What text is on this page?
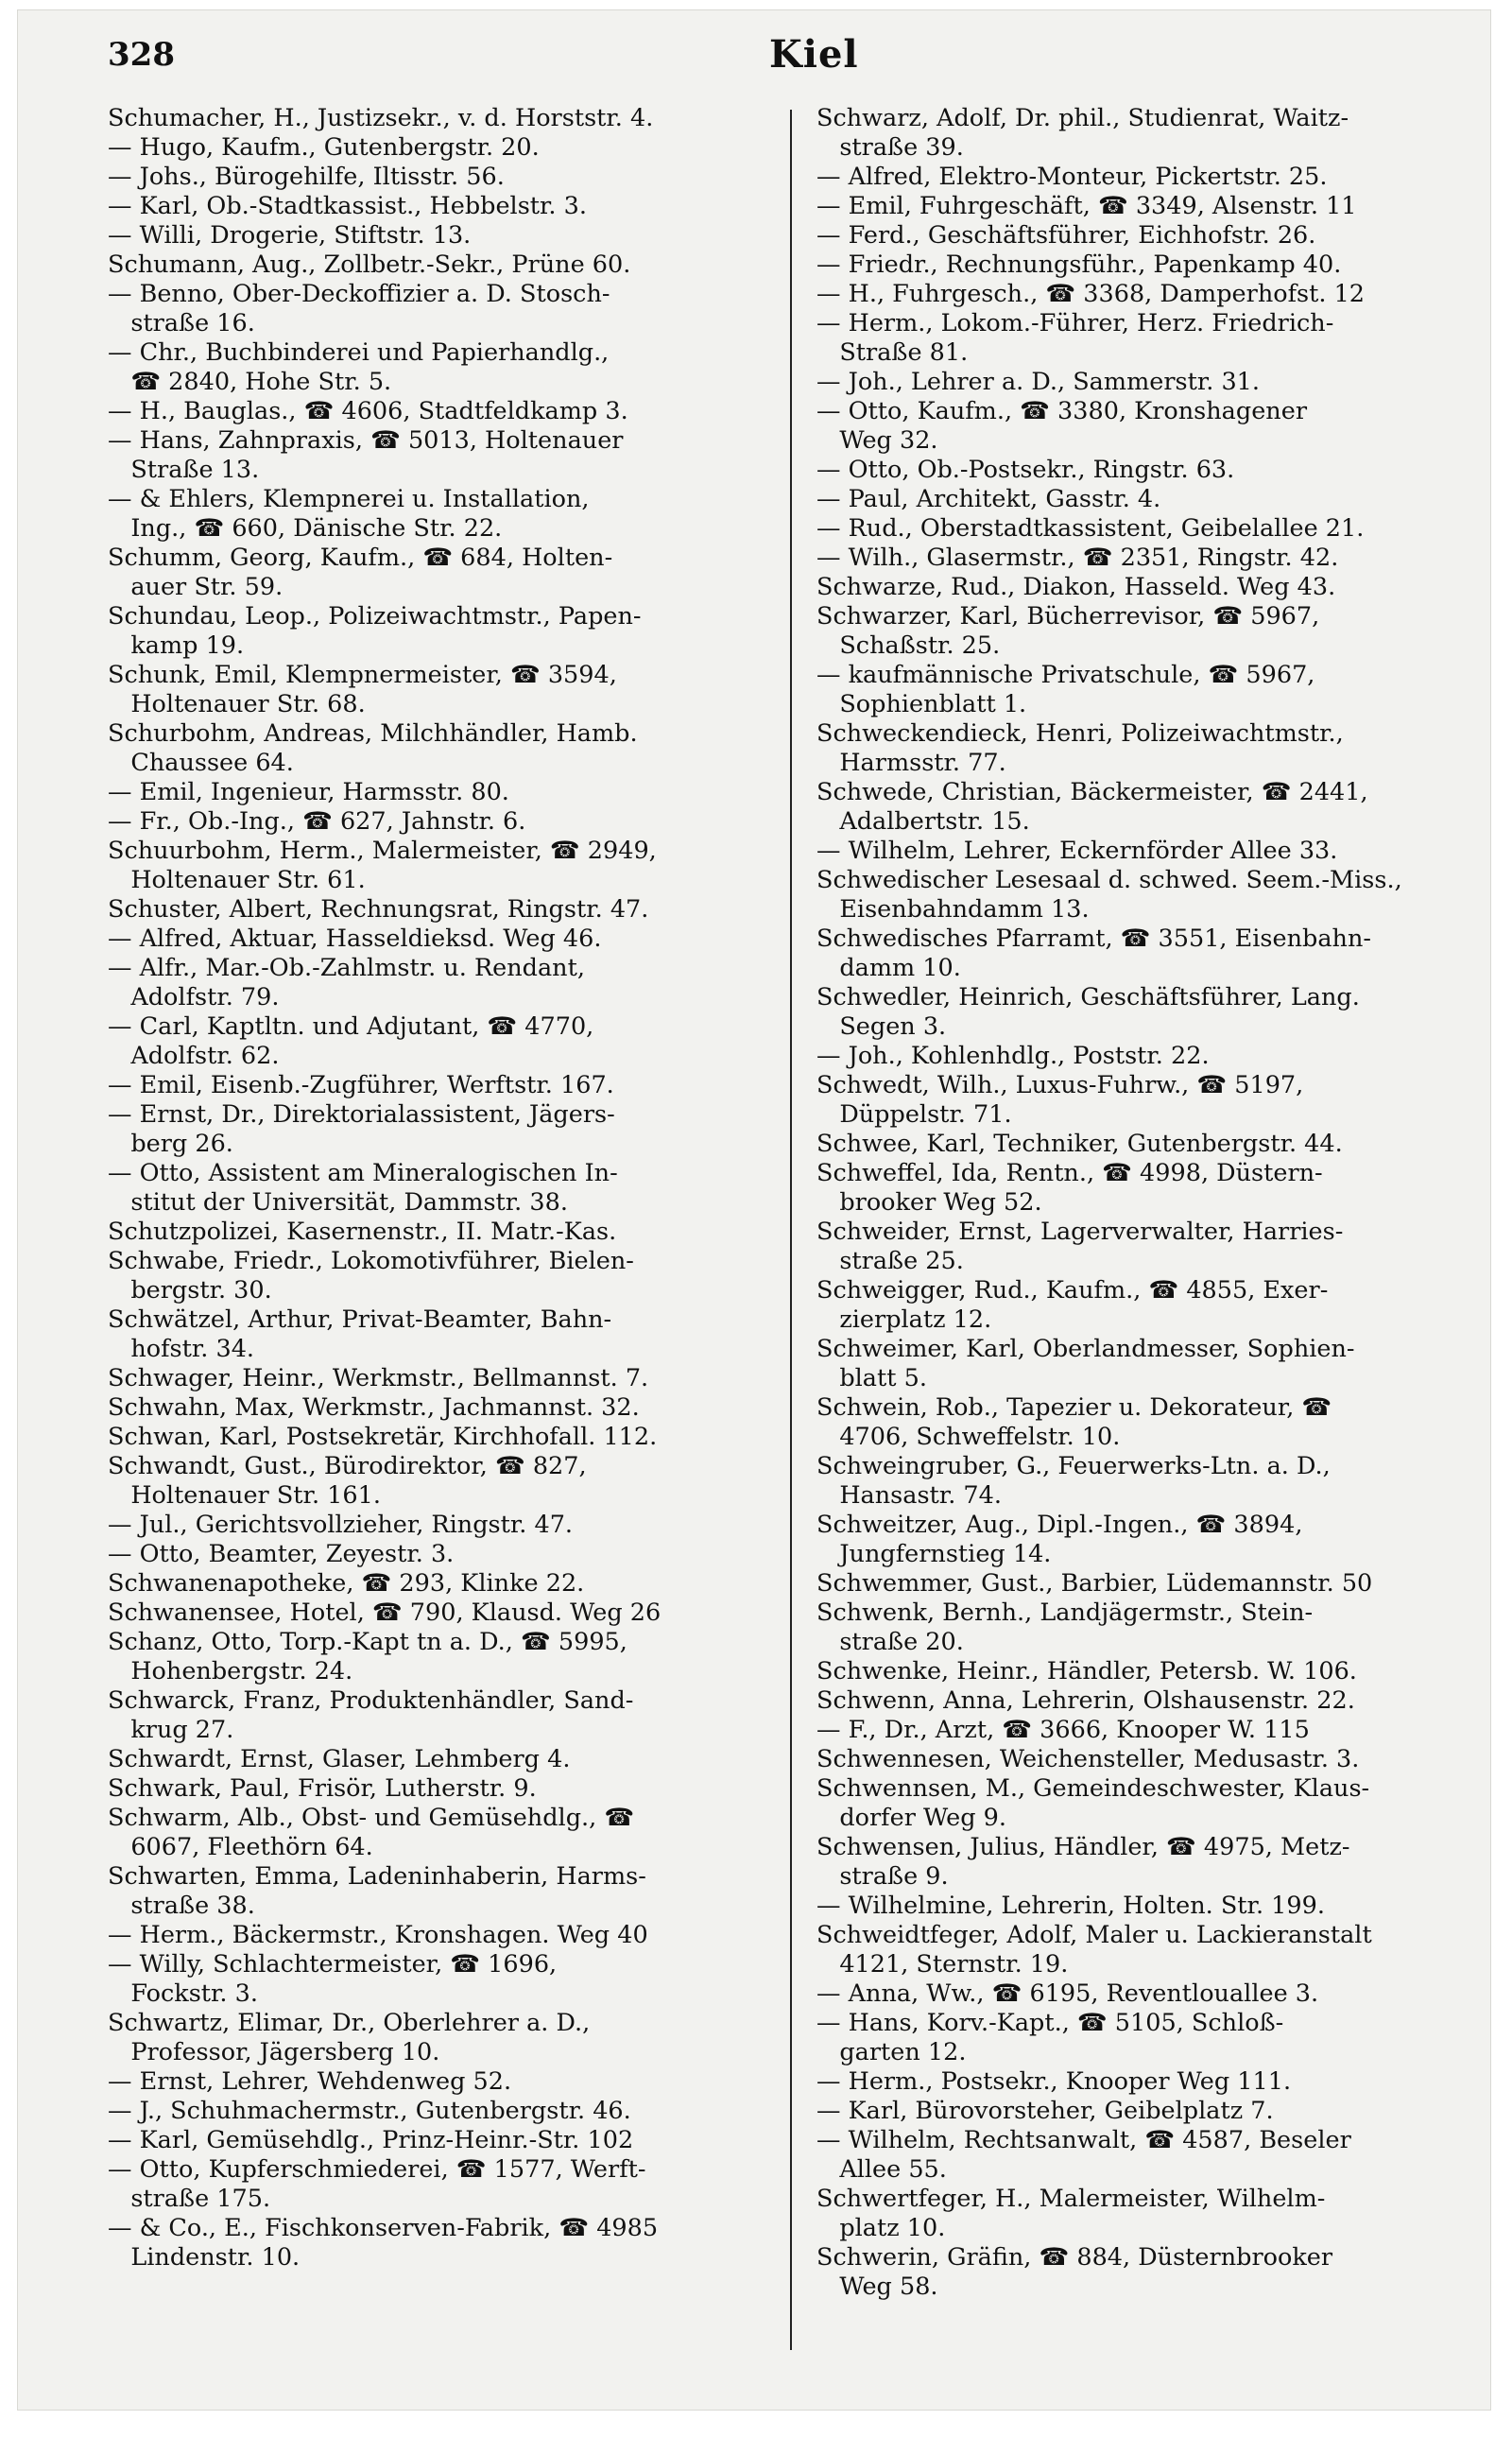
328	Kiel
Schumacher, H., Justizsekr., v. d. Horststr. 4.
— Hugo, Kaufm., Gutenbergstr. 20.
— Johs., Bürogehilfe, Iltisstr. 56.
— Karl, Ob.-Stadtkassist., Hebbelstr. 3.
— Willi, Drogerie, Stiftstr. 13.
Schumann, Aug., Zollbetr.-Sekr., Prüne 60.
— Benno, Ober-Deckoffizier a. D. Stosch-
straße 16.
— Chr., Buchbinderei und Papierhandlg.,
☎ 2840, Hohe Str. 5.
— H., Bauglas., ☎ 4606, Stadtfeldkamp 3.
— Hans, Zahnpraxis, ☎ 5013, Holtenauer
Straße 13.
— & Ehlers, Klempnerei u. Installation,
Ing., ☎ 660, Dänische Str. 22.
Schumm, Georg, Kaufm., ☎ 684, Holten-
auer Str. 59.
Schundau, Leop., Polizeiwachtmstr., Papen-
kamp 19.
Schunk, Emil, Klempnermeister, ☎ 3594,
Holtenauer Str. 68.
Schurbohm, Andreas, Milchhändler, Hamb.
Chaussee 64.
— Emil, Ingenieur, Harmsstr. 80.
— Fr., Ob.-Ing., ☎ 627, Jahnstr. 6.
Schuurbohm, Herm., Malermeister, ☎ 2949,
Holtenauer Str. 61.
Schuster, Albert, Rechnungsrat, Ringstr. 47.
— Alfred, Aktuar, Hasseldieksd. Weg 46.
— Alfr., Mar.-Ob.-Zahlmstr. u. Rendant,
Adolfstr. 79.
— Carl, Kaptltn. und Adjutant, ☎ 4770,
Adolfstr. 62.
— Emil, Eisenb.-Zugführer, Werftstr. 167.
— Ernst, Dr., Direktorialassistent, Jägers-
berg 26.
— Otto, Assistent am Mineralogischen In-
stitut der Universität, Dammstr. 38.
Schutzpolizei, Kasernenstr., II. Matr.-Kas.
Schwabe, Friedr., Lokomotivführer, Bielen-
bergstr. 30.
Schwätzel, Arthur, Privat-Beamter, Bahn-
hofstr. 34.
Schwager, Heinr., Werkmstr., Bellmannst. 7.
Schwahn, Max, Werkmstr., Jachmannst. 32.
Schwan, Karl, Postsekretär, Kirchhofall. 112.
Schwandt, Gust., Bürodirektor, ☎ 827,
Holtenauer Str. 161.
— Jul., Gerichtsvollzieher, Ringstr. 47.
— Otto, Beamter, Zeyestr. 3.
Schwanenapotheke, ☎ 293, Klinke 22.
Schwanensee, Hotel, ☎ 790, Klausd. Weg 26
Schanz, Otto, Torp.-Kapt tn a. D., ☎ 5995,
Hohenbergstr. 24.
Schwarck, Franz, Produktenhändler, Sand-
krug 27.
Schwardt, Ernst, Glaser, Lehmberg 4.
Schwark, Paul, Frisör, Lutherstr. 9.
Schwarm, Alb., Obst- und Gemüsehdlg., ☎
6067, Fleethörn 64.
Schwarten, Emma, Ladeninhaberin, Harms-
straße 38.
— Herm., Bäckermstr., Kronshagen. Weg 40
— Willy, Schlachtermeister, ☎ 1696,
Fockstr. 3.
Schwartz, Elimar, Dr., Oberlehrer a. D.,
Professor, Jägersberg 10.
— Ernst, Lehrer, Wehdenweg 52.
— J., Schuhmachermstr., Gutenbergstr. 46.
— Karl, Gemüsehdlg., Prinz-Heinr.-Str. 102
— Otto, Kupferschmiederei, ☎ 1577, Werft-
straße 175.
— & Co., E., Fischkonserven-Fabrik, ☎ 4985
Lindenstr. 10.
Schwarz, Adolf, Dr. phil., Studienrat, Waitz-
straße 39.
— Alfred, Elektro-Monteur, Pickertstr. 25.
— Emil, Fuhrgeschäft, ☎ 3349, Alsenstr. 11
— Ferd., Geschäftsführer, Eichhofstr. 26.
— Friedr., Rechnungsführ., Papenkamp 40.
— H., Fuhrgesch., ☎ 3368, Damperhofst. 12
— Herm., Lokom.-Führer, Herz. Friedrich-
Straße 81.
— Joh., Lehrer a. D., Sammerstr. 31.
— Otto, Kaufm., ☎ 3380, Kronshagener
Weg 32.
— Otto, Ob.-Postsekr., Ringstr. 63.
— Paul, Architekt, Gasstr. 4.
— Rud., Oberstadtkassistent, Geibelallee 21.
— Wilh., Glasermstr., ☎ 2351, Ringstr. 42.
Schwarze, Rud., Diakon, Hasseld. Weg 43.
Schwarzer, Karl, Bücherrevisor, ☎ 5967,
Schaßstr. 25.
— kaufmännische Privatschule, ☎ 5967,
Sophienblatt 1.
Schweckendieck, Henri, Polizeiwachtmstr.,
Harmsstr. 77.
Schwede, Christian, Bäckermeister, ☎ 2441,
Adalbertstr. 15.
— Wilhelm, Lehrer, Eckernförder Allee 33.
Schwedischer Lesesaal d. schwed. Seem.-Miss.,
Eisenbahndamm 13.
Schwedisches Pfarramt, ☎ 3551, Eisenbahn-
damm 10.
Schwedler, Heinrich, Geschäftsführer, Lang.
Segen 3.
— Joh., Kohlenhdlg., Poststr. 22.
Schwedt, Wilh., Luxus-Fuhrw., ☎ 5197,
Düppelstr. 71.
Schwee, Karl, Techniker, Gutenbergstr. 44.
Schweffel, Ida, Rentn., ☎ 4998, Düstern-
brooker Weg 52.
Schweider, Ernst, Lagerverwalter, Harries-
straße 25.
Schweigger, Rud., Kaufm., ☎ 4855, Exer-
zierplatz 12.
Schweimer, Karl, Oberlandmesser, Sophien-
blatt 5.
Schwein, Rob., Tapezier u. Dekorateur, ☎
4706, Schweffelstr. 10.
Schweingruber, G., Feuerwerks-Ltn. a. D.,
Hansastr. 74.
Schweitzer, Aug., Dipl.-Ingen., ☎ 3894,
Jungfernstieg 14.
Schwemmer, Gust., Barbier, Lüdemannstr. 50
Schwenk, Bernh., Landjägermstr., Stein-
straße 20.
Schwenke, Heinr., Händler, Petersb. W. 106.
Schwenn, Anna, Lehrerin, Olshausenstr. 22.
— F., Dr., Arzt, ☎ 3666, Knooper W. 115
Schwennesen, Weichensteller, Medusastr. 3.
Schwennsen, M., Gemeindeschwester, Klaus-
dorfer Weg 9.
Schwensen, Julius, Händler, ☎ 4975, Metz-
straße 9.
— Wilhelmine, Lehrerin, Holten. Str. 199.
Schweidtfeger, Adolf, Maler u. Lackieranstalt
4121, Sternstr. 19.
— Anna, Ww., ☎ 6195, Reventlouallee 3.
— Hans, Korv.-Kapt., ☎ 5105, Schloß-
garten 12.
— Herm., Postsekr., Knooper Weg 111.
— Karl, Bürovorsteher, Geibelplatz 7.
— Wilhelm, Rechtsanwalt, ☎ 4587, Beseler
Allee 55.
Schwertfeger, H., Malermeister, Wilhelm-
platz 10.
Schwerin, Gräfin, ☎ 884, Düsternbrooker
Weg 58.
